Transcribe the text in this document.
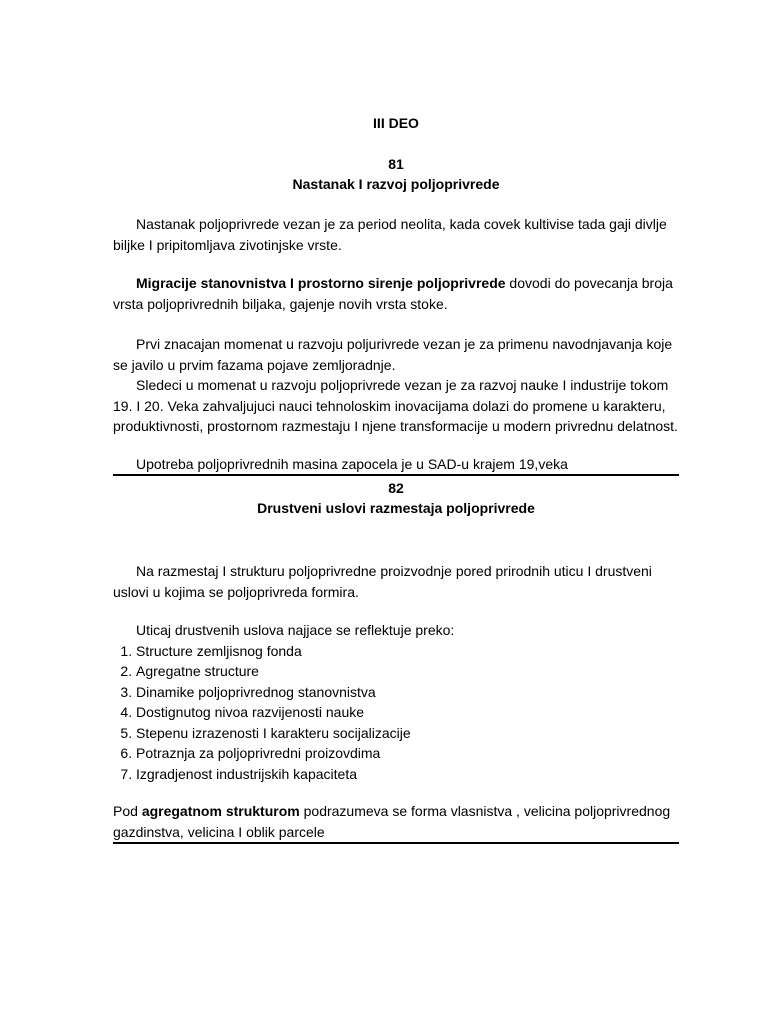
III DEO

81

Nastanak I razvoj poljoprivrede

Nastanak poljoprivrede vezan je za period neolita, kada covek kultivise tada gaji divlje biljke I pripitomljava zivotinjske vrste.

Migracije stanovnistva I prostorno sirenje poljoprivrede dovodi do povecanja broja vrsta poljoprivrednih biljaka, gajenje novih vrsta stoke.

Prvi znacajan momenat u razvoju poljurivrede vezan je za primenu navodnjavanja koje se javilo u prvim fazama pojave zemljoradnje.

Sledeci u momenat u razvoju poljoprivrede vezan je za razvoj nauke I industrije tokom 19. I 20. Veka zahvaljujuci nauci tehnoloskim inovacijama dolazi do promene u karakteru, produktivnosti, prostornom razmestaju I njene transformacije u modern privrednu delatnost.

Upotreba poljoprivrednih masina zapocela je u SAD-u krajem 19,veka

82

Drustveni uslovi razmestaja poljoprivrede

Na razmestaj I strukturu poljoprivredne proizvodnje pored prirodnih uticu I drustveni uslovi u kojima se poljoprivreda formira.

Uticaj drustvenih uslova najjace se reflektuje preko:

1. Structure zemljisnog fonda
2. Agregatne structure
3. Dinamike poljoprivrednog stanovnistva
4. Dostignutog nivoa razvijenosti nauke
5. Stepenu izrazenosti I karakteru socijalizacije
6. Potraznja za poljoprivredni proizovdima
7. Izgradjenost industrijskih kapaciteta

Pod agregatnom strukturom podrazumeva se forma vlasnistva , velicina poljoprivrednog gazdinstva, velicina I oblik parcele
